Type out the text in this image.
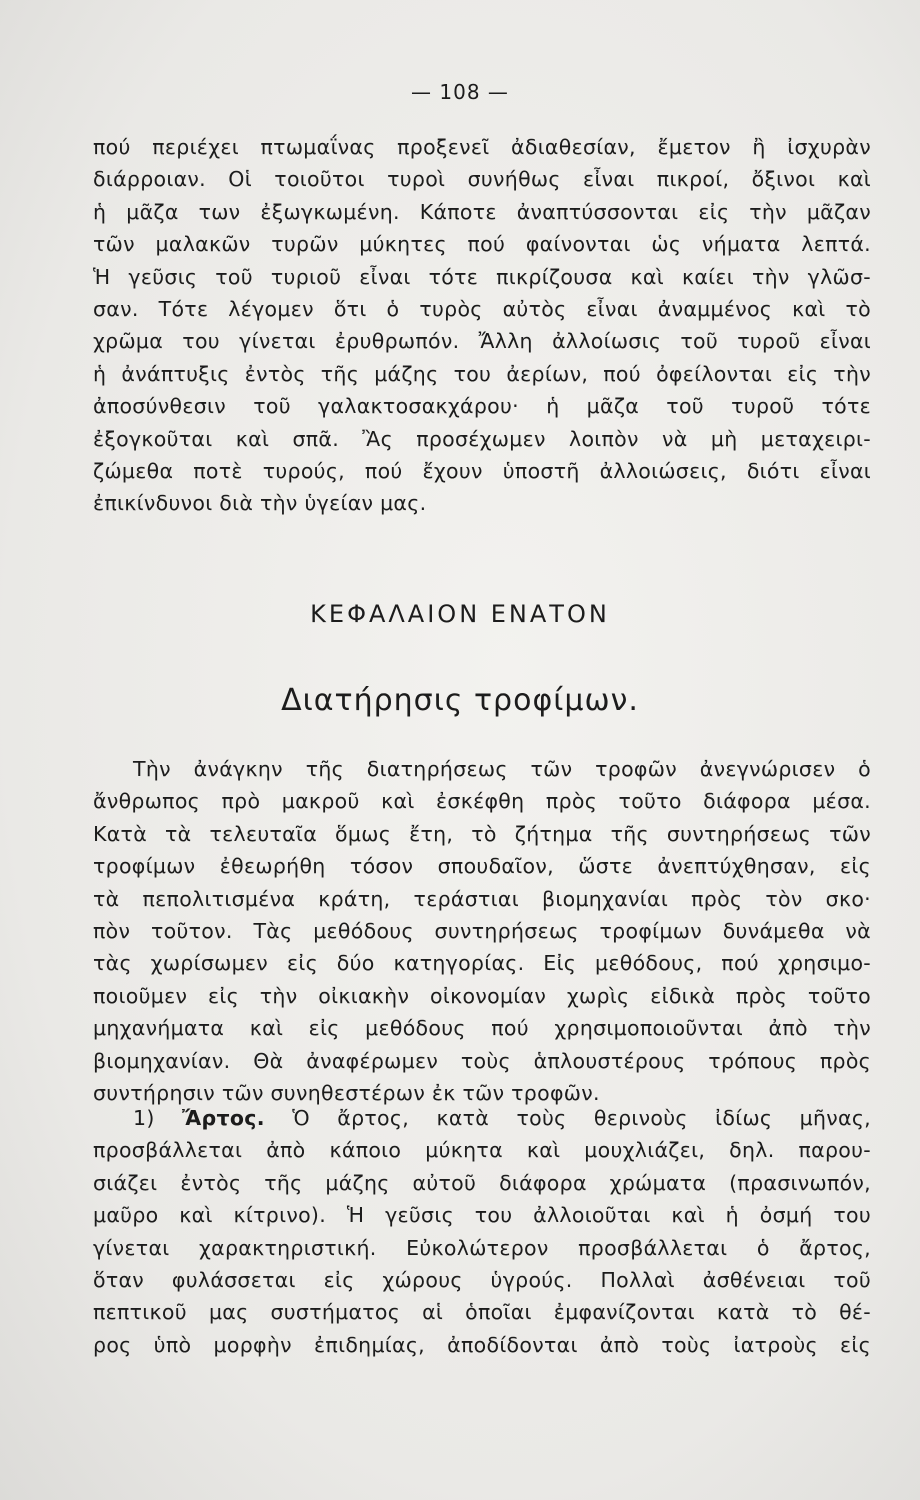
— 108 —
πού περιέχει πτωμαΐνας προξενεῖ ἀδιαθεσίαν, ἔμετον ἢ ἰσχυρὰν
διάρροιαν. Οἱ τοιοῦτοι τυροὶ συνήθως εἶναι πικροί, ὄξινοι καὶ
ἡ μᾶζα των ἐξωγκωμένη. Κάποτε ἀναπτύσσονται εἰς τὴν μᾶζαν
τῶν μαλακῶν τυρῶν μύκητες πού φαίνονται ὡς νήματα λεπτά.
Ἡ γεῦσις τοῦ τυριοῦ εἶναι τότε πικρίζουσα καὶ καίει τὴν γλῶσ-
σαν. Τότε λέγομεν ὅτι ὁ τυρὸς αὐτὸς εἶναι ἀναμμένος καὶ τὸ
χρῶμα του γίνεται ἐρυθρωπόν. Ἄλλη ἀλλοίωσις τοῦ τυροῦ εἶναι
ἡ ἀνάπτυξις ἐντὸς τῆς μάζης του ἀερίων, πού ὀφείλονται εἰς τὴν
ἀποσύνθεσιν τοῦ γαλακτοσακχάρου· ἡ μᾶζα τοῦ τυροῦ τότε
ἐξογκοῦται καὶ σπᾶ. Ἂς προσέχωμεν λοιπὸν νὰ μὴ μεταχειρι-
ζώμεθα ποτὲ τυρούς, πού ἔχουν ὑποστῆ ἀλλοιώσεις, διότι εἶναι
ἐπικίνδυνοι διὰ τὴν ὑγείαν μας.
ΚΕΦΑΛΑΙΟΝ ΕΝΑΤΟΝ
Διατήρησις τροφίμων.
Τὴν ἀνάγκην τῆς διατηρήσεως τῶν τροφῶν ἀνεγνώρισεν ὁ
ἄνθρωπος πρὸ μακροῦ καὶ ἐσκέφθη πρὸς τοῦτο διάφορα μέσα.
Κατὰ τὰ τελευταῖα ὅμως ἔτη, τὸ ζήτημα τῆς συντηρήσεως τῶν
τροφίμων ἐθεωρήθη τόσον σπουδαῖον, ὥστε ἀνεπτύχθησαν, εἰς
τὰ πεπολιτισμένα κράτη, τεράστιαι βιομηχανίαι πρὸς τὸν σκο·
πὸν τοῦτον. Τὰς μεθόδους συντηρήσεως τροφίμων δυνάμεθα νὰ
τὰς χωρίσωμεν εἰς δύο κατηγορίας. Εἰς μεθόδους, πού χρησιμο-
ποιοῦμεν εἰς τὴν οἰκιακὴν οἰκονομίαν χωρὶς εἰδικὰ πρὸς τοῦτο
μηχανήματα καὶ εἰς μεθόδους πού χρησιμοποιοῦνται ἀπὸ τὴν
βιομηχανίαν. Θὰ ἀναφέρωμεν τοὺς ἁπλουστέρους τρόπους πρὸς
συντήρησιν τῶν συνηθεστέρων ἐκ τῶν τροφῶν.
1) Ἄρτος. Ὁ ἄρτος, κατὰ τοὺς θερινοὺς ἰδίως μῆνας,
προσβάλλεται ἀπὸ κάποιο μύκητα καὶ μουχλιάζει, δηλ. παρου-
σιάζει ἐντὸς τῆς μάζης αὐτοῦ διάφορα χρώματα (πρασινωπόν,
μαῦρο καὶ κίτρινο). Ἡ γεῦσις του ἀλλοιοῦται καὶ ἡ ὀσμή του
γίνεται χαρακτηριστική. Εὐκολώτερον προσβάλλεται ὁ ἄρτος,
ὅταν φυλάσσεται εἰς χώρους ὑγρούς. Πολλαὶ ἀσθένειαι τοῦ
πεπτικοῦ μας συστήματος αἱ ὁποῖαι ἐμφανίζονται κατὰ τὸ θέ-
ρος ὑπὸ μορφὴν ἐπιδημίας, ἀποδίδονται ἀπὸ τοὺς ἰατροὺς εἰς
